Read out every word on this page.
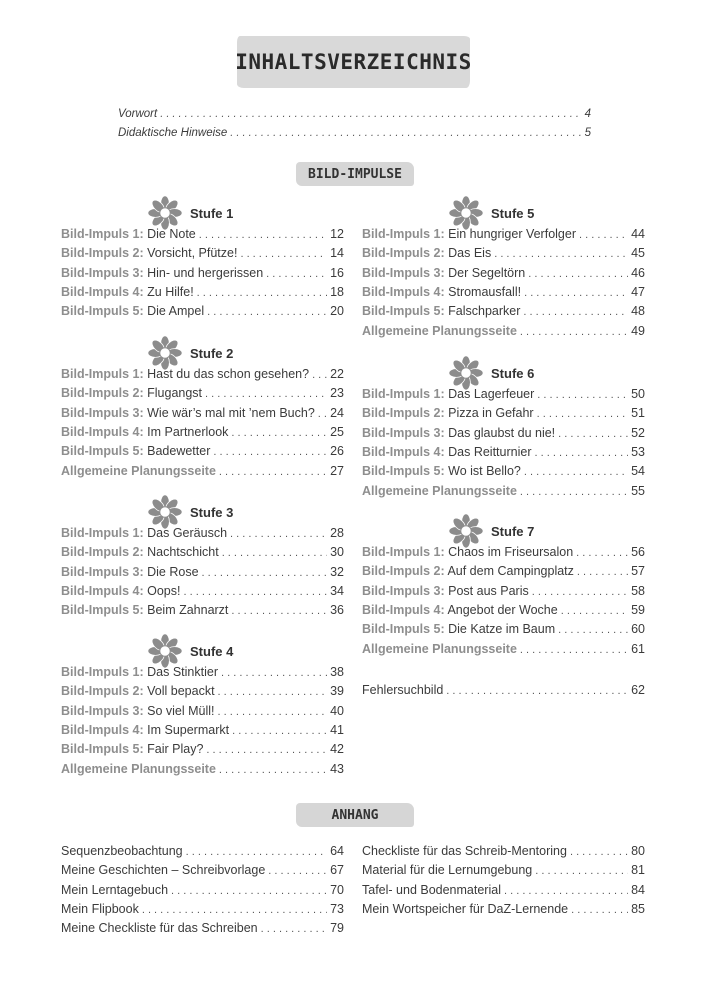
INHALTSVERZEICHNIS
Vorwort . . .	4
Didaktische Hinweise . . .	5
BILD-IMPULSE
Stufe 1
Bild-Impuls 1: Die Note . . .	12
Bild-Impuls 2: Vorsicht, Pfütze! . . .	14
Bild-Impuls 3: Hin- und hergerissen . . .	16
Bild-Impuls 4: Zu Hilfe! . . .	18
Bild-Impuls 5: Die Ampel . . .	20
Stufe 2
Bild-Impuls 1: Hast du das schon gesehen? . . . 22
Bild-Impuls 2: Flugangst . . .	23
Bild-Impuls 3: Wie wär’s mal mit ’nem Buch? . . . 24
Bild-Impuls 4: Im Partnerlook . . .	25
Bild-Impuls 5: Badewetter . . .	26
Allgemeine Planungsseite . . .	27
Stufe 3
Bild-Impuls 1: Das Geräusch . . .	28
Bild-Impuls 2: Nachtschicht . . .	30
Bild-Impuls 3: Die Rose . . .	32
Bild-Impuls 4: Oops! . . .	34
Bild-Impuls 5: Beim Zahnarzt . . .	36
Stufe 4
Bild-Impuls 1: Das Stinktier . . .	38
Bild-Impuls 2: Voll bepackt . . .	39
Bild-Impuls 3: So viel Müll! . . .	40
Bild-Impuls 4: Im Supermarkt . . .	41
Bild-Impuls 5: Fair Play? . . .	42
Allgemeine Planungsseite . . .	43
Stufe 5
Bild-Impuls 1: Ein hungriger Verfolger . . .	44
Bild-Impuls 2: Das Eis . . .	45
Bild-Impuls 3: Der Segeltörn . . .	46
Bild-Impuls 4: Stromausfall! . . .	47
Bild-Impuls 5: Falschparker . . .	48
Allgemeine Planungsseite . . .	49
Stufe 6
Bild-Impuls 1: Das Lagerfeuer . . .	50
Bild-Impuls 2: Pizza in Gefahr . . .	51
Bild-Impuls 3: Das glaubst du nie! . . .	52
Bild-Impuls 4: Das Reitturnier . . .	53
Bild-Impuls 5: Wo ist Bello? . . .	54
Allgemeine Planungsseite . . .	55
Stufe 7
Bild-Impuls 1: Chaos im Friseursalon . . .	56
Bild-Impuls 2: Auf dem Campingplatz . . .	57
Bild-Impuls 3: Post aus Paris . . .	58
Bild-Impuls 4: Angebot der Woche . . .	59
Bild-Impuls 5: Die Katze im Baum . . .	60
Allgemeine Planungsseite . . .	61
Fehlersuchbild . . .	62
ANHANG
Sequenzbeobachtung . . .	64
Meine Geschichten – Schreibvorlage . . .	67
Mein Lerntagebuch . . .	70
Mein Flipbook . . .	73
Meine Checkliste für das Schreiben . . .	79
Checkliste für das Schreib-Mentoring . . .	80
Material für die Lernumgebung . . .	81
Tafel- und Bodenmaterial . . .	84
Mein Wortspeicher für DaZ-Lernende . . .	85
